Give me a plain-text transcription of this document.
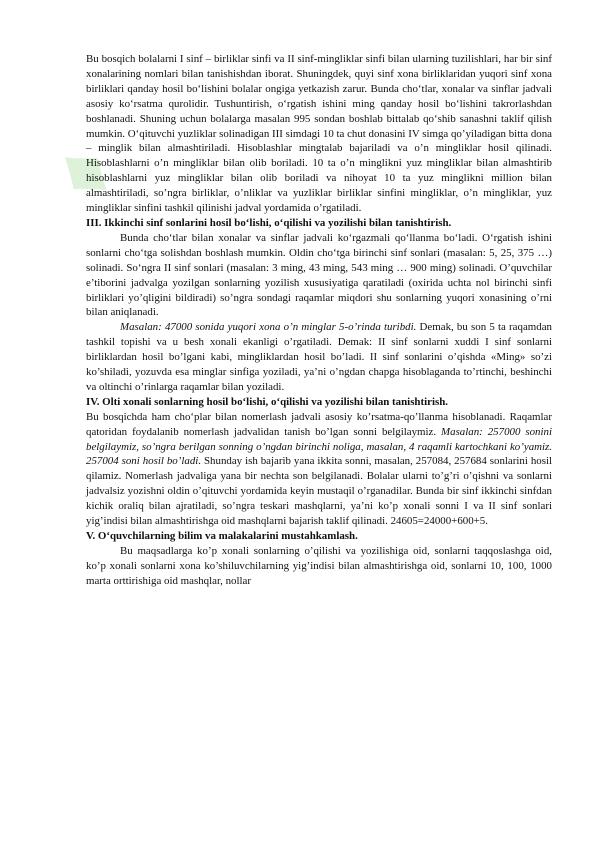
♦

Bu bosqich bolalarni I sinf – birliklar sinfi va II sinf-mingliklar sinfi bilan ularning tuzilishlari, har bir sinf xonalarining nomlari bilan tanishishdan iborat. Shuningdek, quyi sinf xona birliklaridan yuqori sinf xona birliklari qanday hosil bo‘lishini bolalar ongiga yetkazish zarur. Bunda cho‘tlar, xonalar va sinflar jadvali asosiy ko‘rsatma qurolidir. Tushuntirish, o‘rgatish ishini ming qanday hosil bo‘lishini takrorlashdan boshlanadi. Shuning uchun bolalarga masalan 995 sondan boshlab bittalab qo‘shib sanashni taklif qilish mumkin. O‘qituvchi yuzliklar solinadigan III simdagi 10 ta chut donasini IV simga qo’yiladigan bitta dona – minglik bilan almashtiriladi. Hisoblashlar mingtalab bajariladi va o’n mingliklar hosil qilinadi. Hisoblashlarni o’n mingliklar bilan olib boriladi. 10 ta o’n minglikni yuz mingliklar bilan almashtirib hisoblashlarni yuz mingliklar bilan olib boriladi va nihoyat 10 ta yuz minglikni million bilan almashtiriladi, so’ngra birliklar, o’nliklar va yuzliklar birliklar sinfini mingliklar, o’n mingliklar, yuz mingliklar sinfini tashkil qilinishi jadval yordamida o’rgatiladi.

III. Ikkinchi sinf sonlarini hosil bo‘lishi, o‘qilishi va yozilishi bilan tanishtirish.

Bunda cho‘tlar bilan xonalar va sinflar jadvali ko‘rgazmali qo‘llanma bo‘ladi. O‘rgatish ishini sonlarni cho‘tga solishdan boshlash mumkin. Oldin cho‘tga birinchi sinf sonlari (masalan: 5, 25, 375 …) solinadi. So‘ngra II sinf sonlari (masalan: 3 ming, 43 ming, 543 ming … 900 ming) solinadi. O’quvchilar e’tiborini jadvalga yozilgan sonlarning yozilish xususiyatiga qaratiladi (oxirida uchta nol birinchi sinfi birliklari yo’qligini bildiradi) so’ngra sondagi raqamlar miqdori shu sonlarning yuqori xonasining o’rni bilan aniqlanadi.

Masalan: 47000 sonida yuqori xona o’n minglar 5-o’rinda turibdi. Demak, bu son 5 ta raqamdan tashkil topishi va u besh xonali ekanligi o’rgatiladi. Demak: II sinf sonlarni xuddi I sinf sonlarni birliklardan hosil bo’lgani kabi, mingliklardan hosil bo’ladi. II sinf sonlarini o’qishda «Ming» so’zi ko’shiladi, yozuvda esa minglar sinfiga yoziladi, ya’ni o’ngdan chapga hisoblaganda to’rtinchi, beshinchi va oltinchi o’rinlarga raqamlar bilan yoziladi.

IV. Olti xonali sonlarning hosil bo‘lishi, o‘qilishi va yozilishi bilan tanishtirish.

Bu bosqichda ham cho‘plar bilan nomerlash jadvali asosiy ko’rsatma-qo’llanma hisoblanadi. Raqamlar qatoridan foydalanib nomerlash jadvalidan tanish bo’lgan sonni belgilaymiz. Masalan: 257000 sonini belgilaymiz, so’ngra berilgan sonning o’ngdan birinchi noliga, masalan, 4 raqamli kartochkani ko’yamiz. 257004 soni hosil bo’ladi. Shunday ish bajarib yana ikkita sonni, masalan, 257084, 257684 sonlarini hosil qilamiz. Nomerlash jadvaliga yana bir nechta son belgilanadi. Bolalar ularni to’g’ri o’qishni va sonlarni jadvalsiz yozishni oldin o’qituvchi yordamida keyin mustaqil o’rganadilar. Bunda bir sinf ikkinchi sinfdan kichik oraliq bilan ajratiladi, so’ngra teskari mashqlarni, ya’ni ko’p xonali sonni I va II sinf sonlari yig’indisi bilan almashtirishga oid mashqlarni bajarish taklif qilinadi. 24605=24000+600+5.

V. O‘quvchilarning bilim va malakalarini mustahkamlash.

Bu maqsadlarga ko’p xonali sonlarning o’qilishi va yozilishiga oid, sonlarni taqqoslashga oid, ko’p xonali sonlarni xona ko’shiluvchilarning yig’indisi bilan almashtirishga oid, sonlarni 10, 100, 1000 marta orttirishiga oid mashqlar, nollar
